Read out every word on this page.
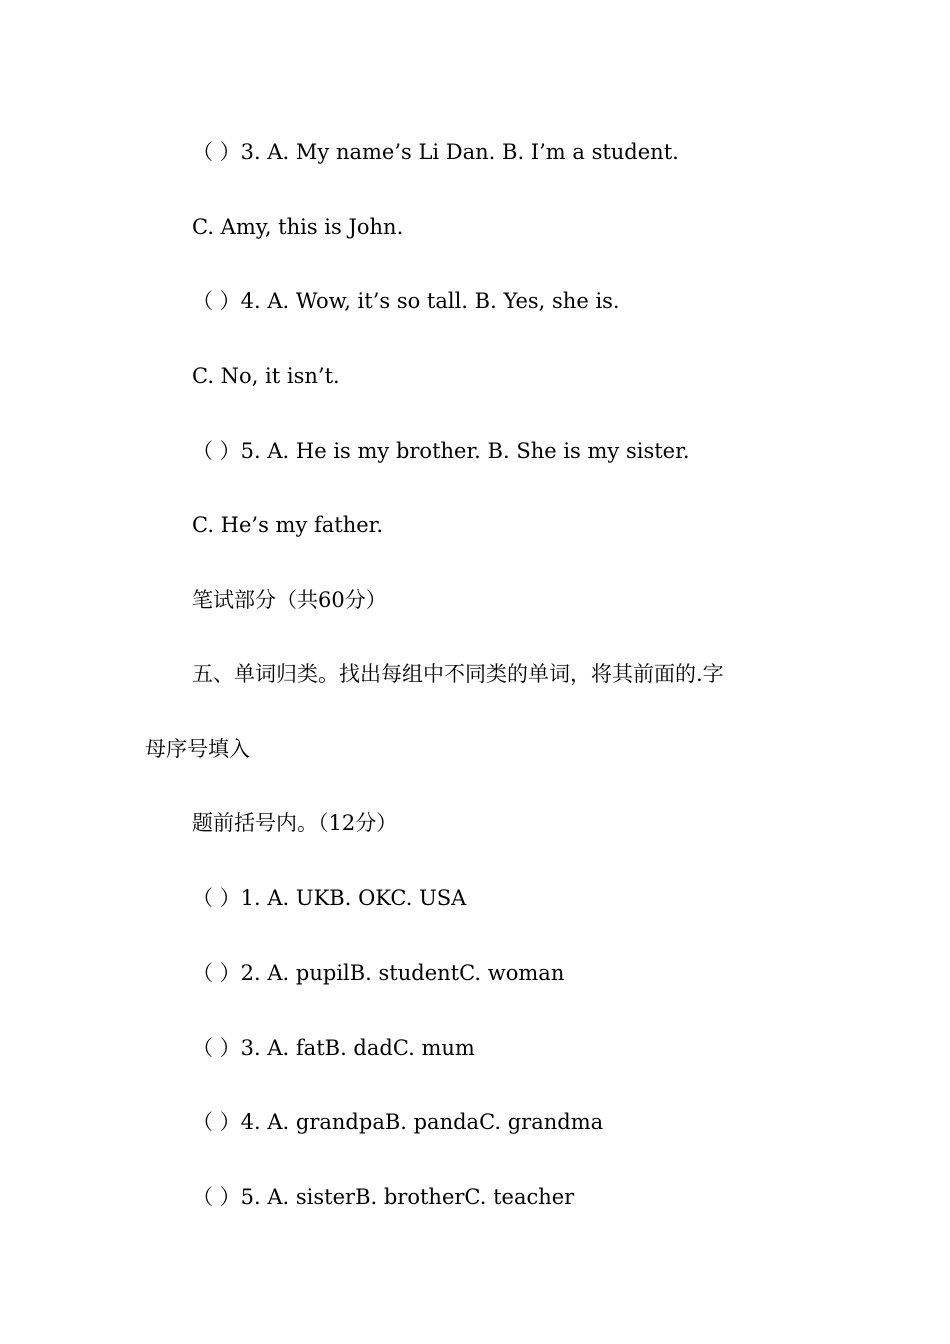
（ ）3. A. My name’s Li Dan. B. I’m a student.
C. Amy, this is John.
（ ）4. A. Wow, it’s so tall. B. Yes, she is.
C. No, it isn’t.
（ ）5. A. He is my brother. B. She is my sister.
C. He’s my father.
笔试部分（共60分）
五、单词归类。找出每组中不同类的单词，将其前面的.字
母序号填入
题前括号内。（12分）
（ ）1. A. UKB. OKC. USA
（ ）2. A. pupilB. studentC. woman
（ ）3. A. fatB. dadC. mum
（ ）4. A. grandpaB. pandaC. grandma
（ ）5. A. sisterB. brotherC. teacher
